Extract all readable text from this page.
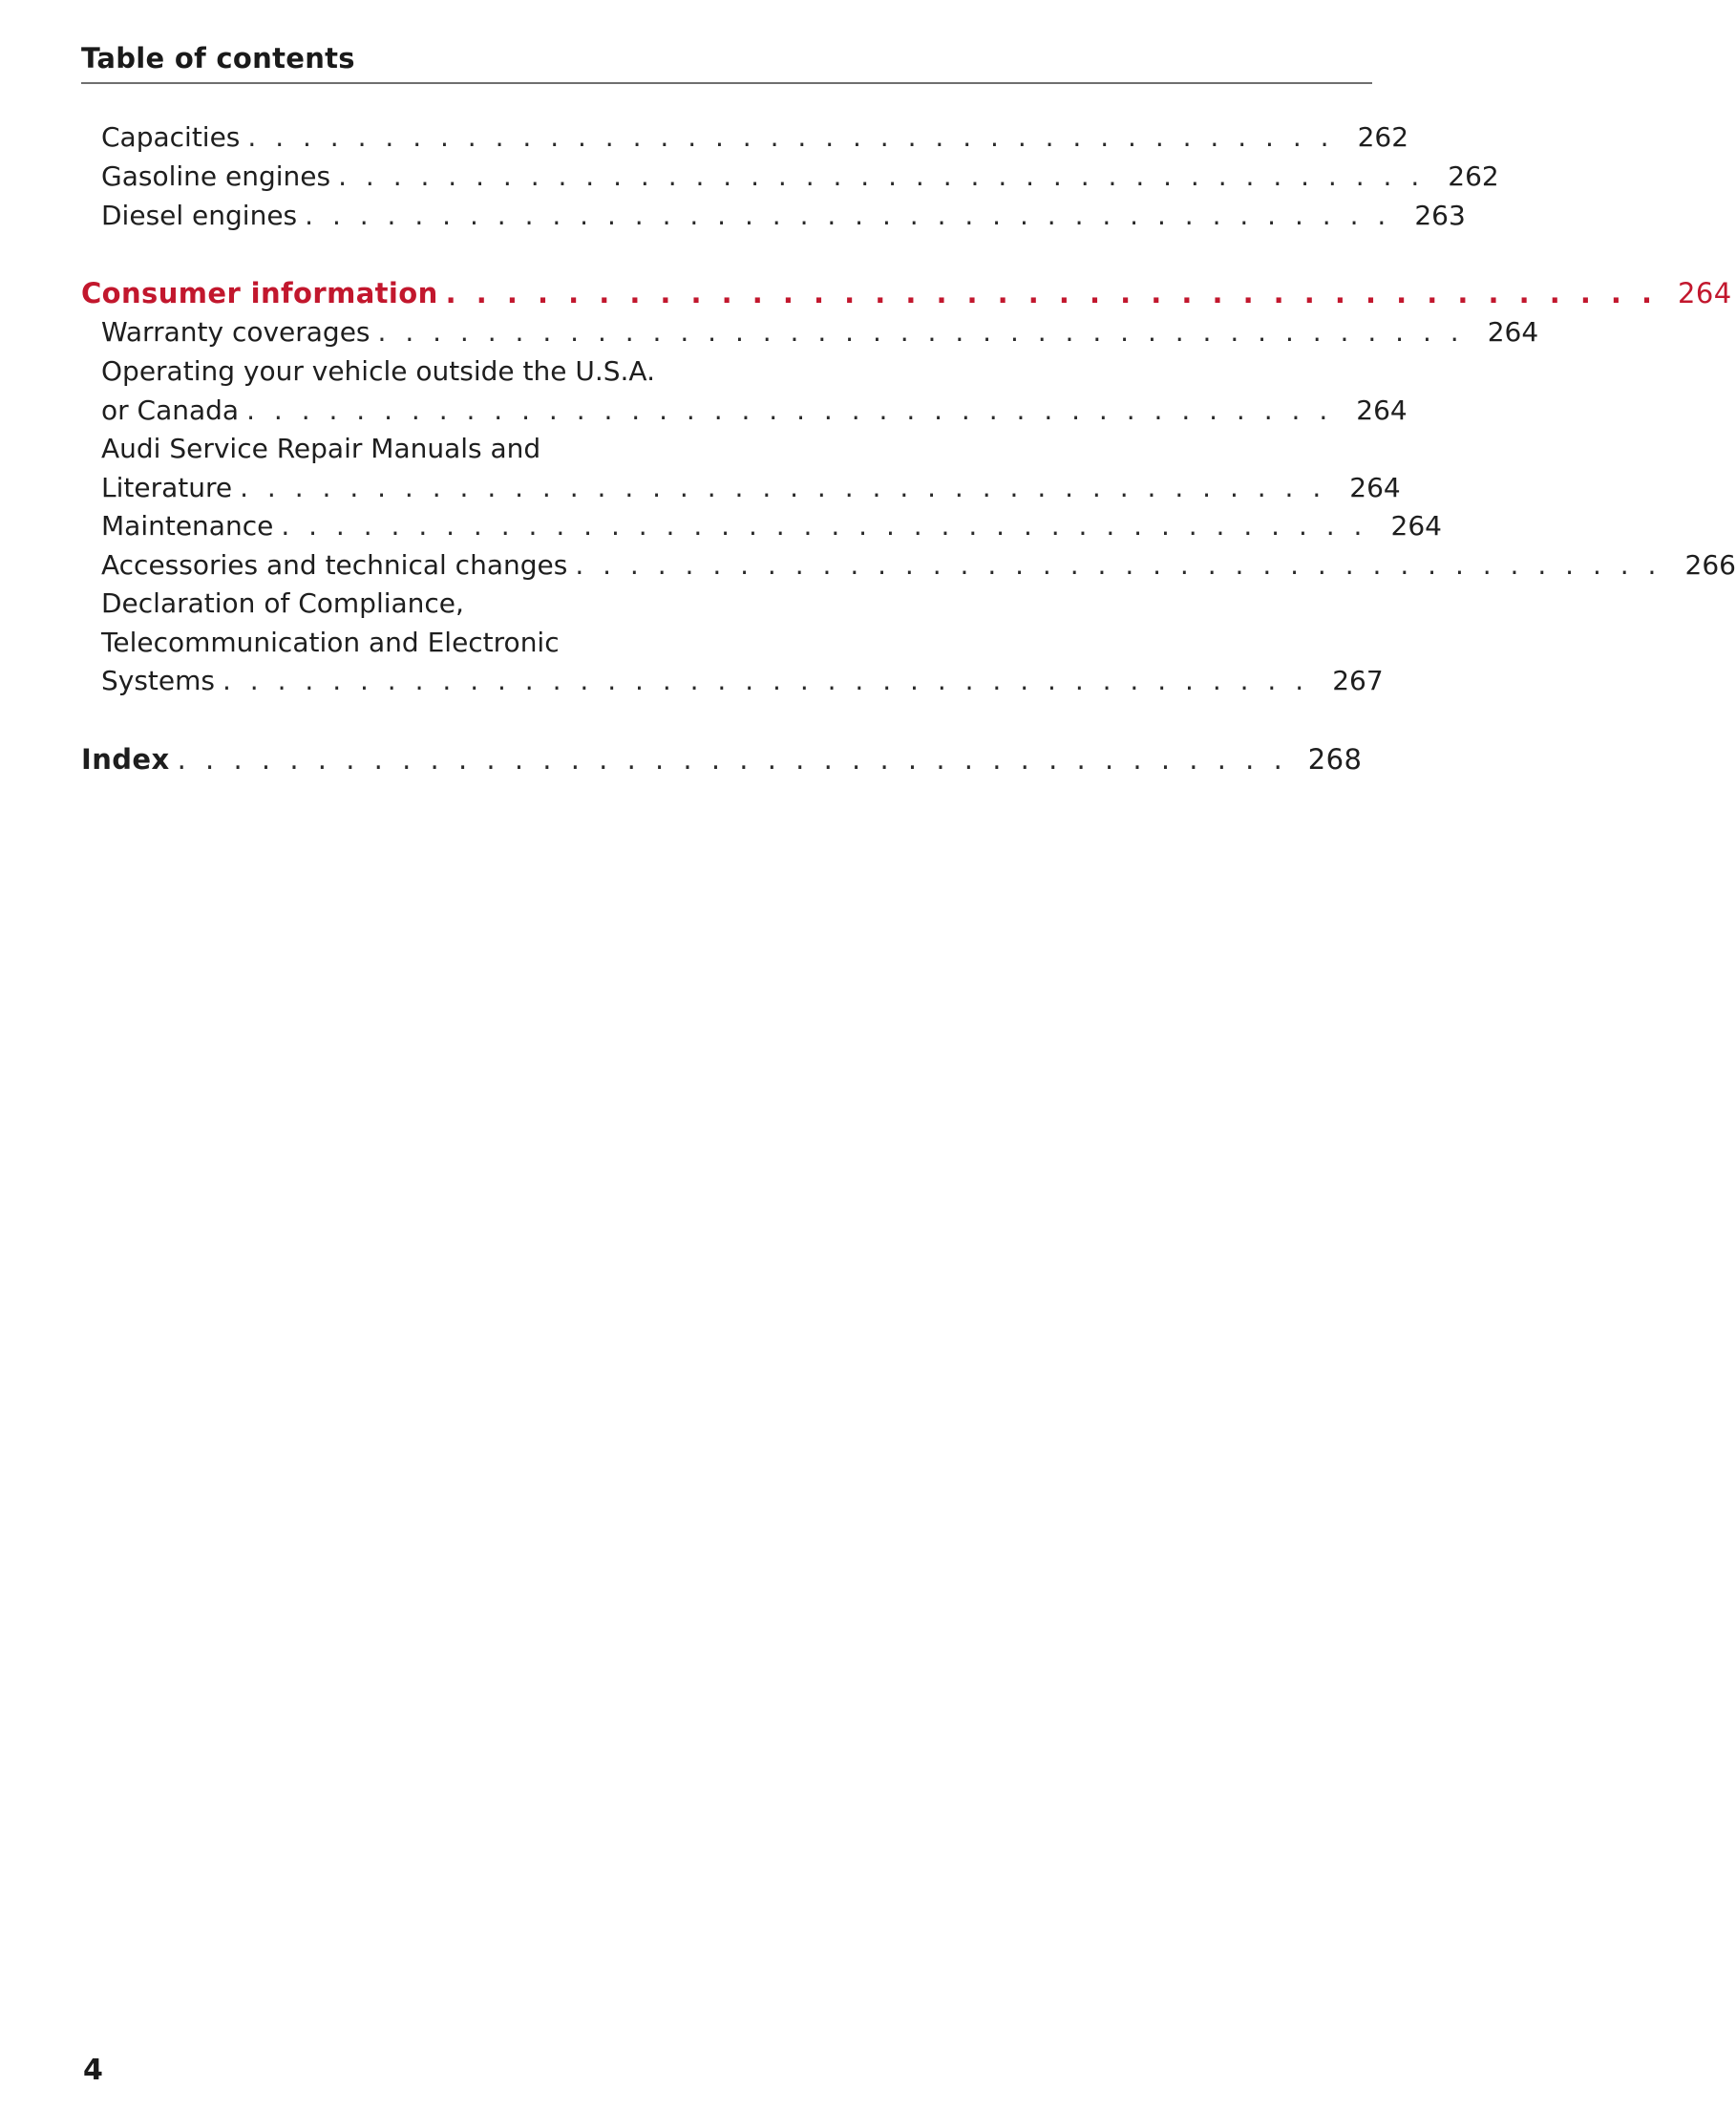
Table of contents
Capacities . . . . . . . . . . . . . . . . . . . . . . . . . . . . . . . . . . . . . . . . 262
Gasoline engines . . . . . . . . . . . . . . . . . . . . . . . . . . . . . . . . . . . . . . . . 262
Diesel engines . . . . . . . . . . . . . . . . . . . . . . . . . . . . . . . . . . . . . . . . 263
Consumer information . . . . . . . . . . . . . . . . . . . . . . . . . . . . . . . . . . . . . . . . 264
Warranty coverages . . . . . . . . . . . . . . . . . . . . . . . . . . . . . . . . . . . . . . . . 264
Operating your vehicle outside the U.S.A.
or Canada . . . . . . . . . . . . . . . . . . . . . . . . . . . . . . . . . . . . . . . . 264
Audi Service Repair Manuals and
Literature . . . . . . . . . . . . . . . . . . . . . . . . . . . . . . . . . . . . . . . . 264
Maintenance . . . . . . . . . . . . . . . . . . . . . . . . . . . . . . . . . . . . . . . . 264
Accessories and technical changes . . . . . . . . . . . . . . . . . . . . . . . . . . . . . . . . . . . . . . . . 266
Declaration of Compliance,
Telecommunication and Electronic
Systems . . . . . . . . . . . . . . . . . . . . . . . . . . . . . . . . . . . . . . . . 267
Index . . . . . . . . . . . . . . . . . . . . . . . . . . . . . . . . . . . . . . . . 268
4
